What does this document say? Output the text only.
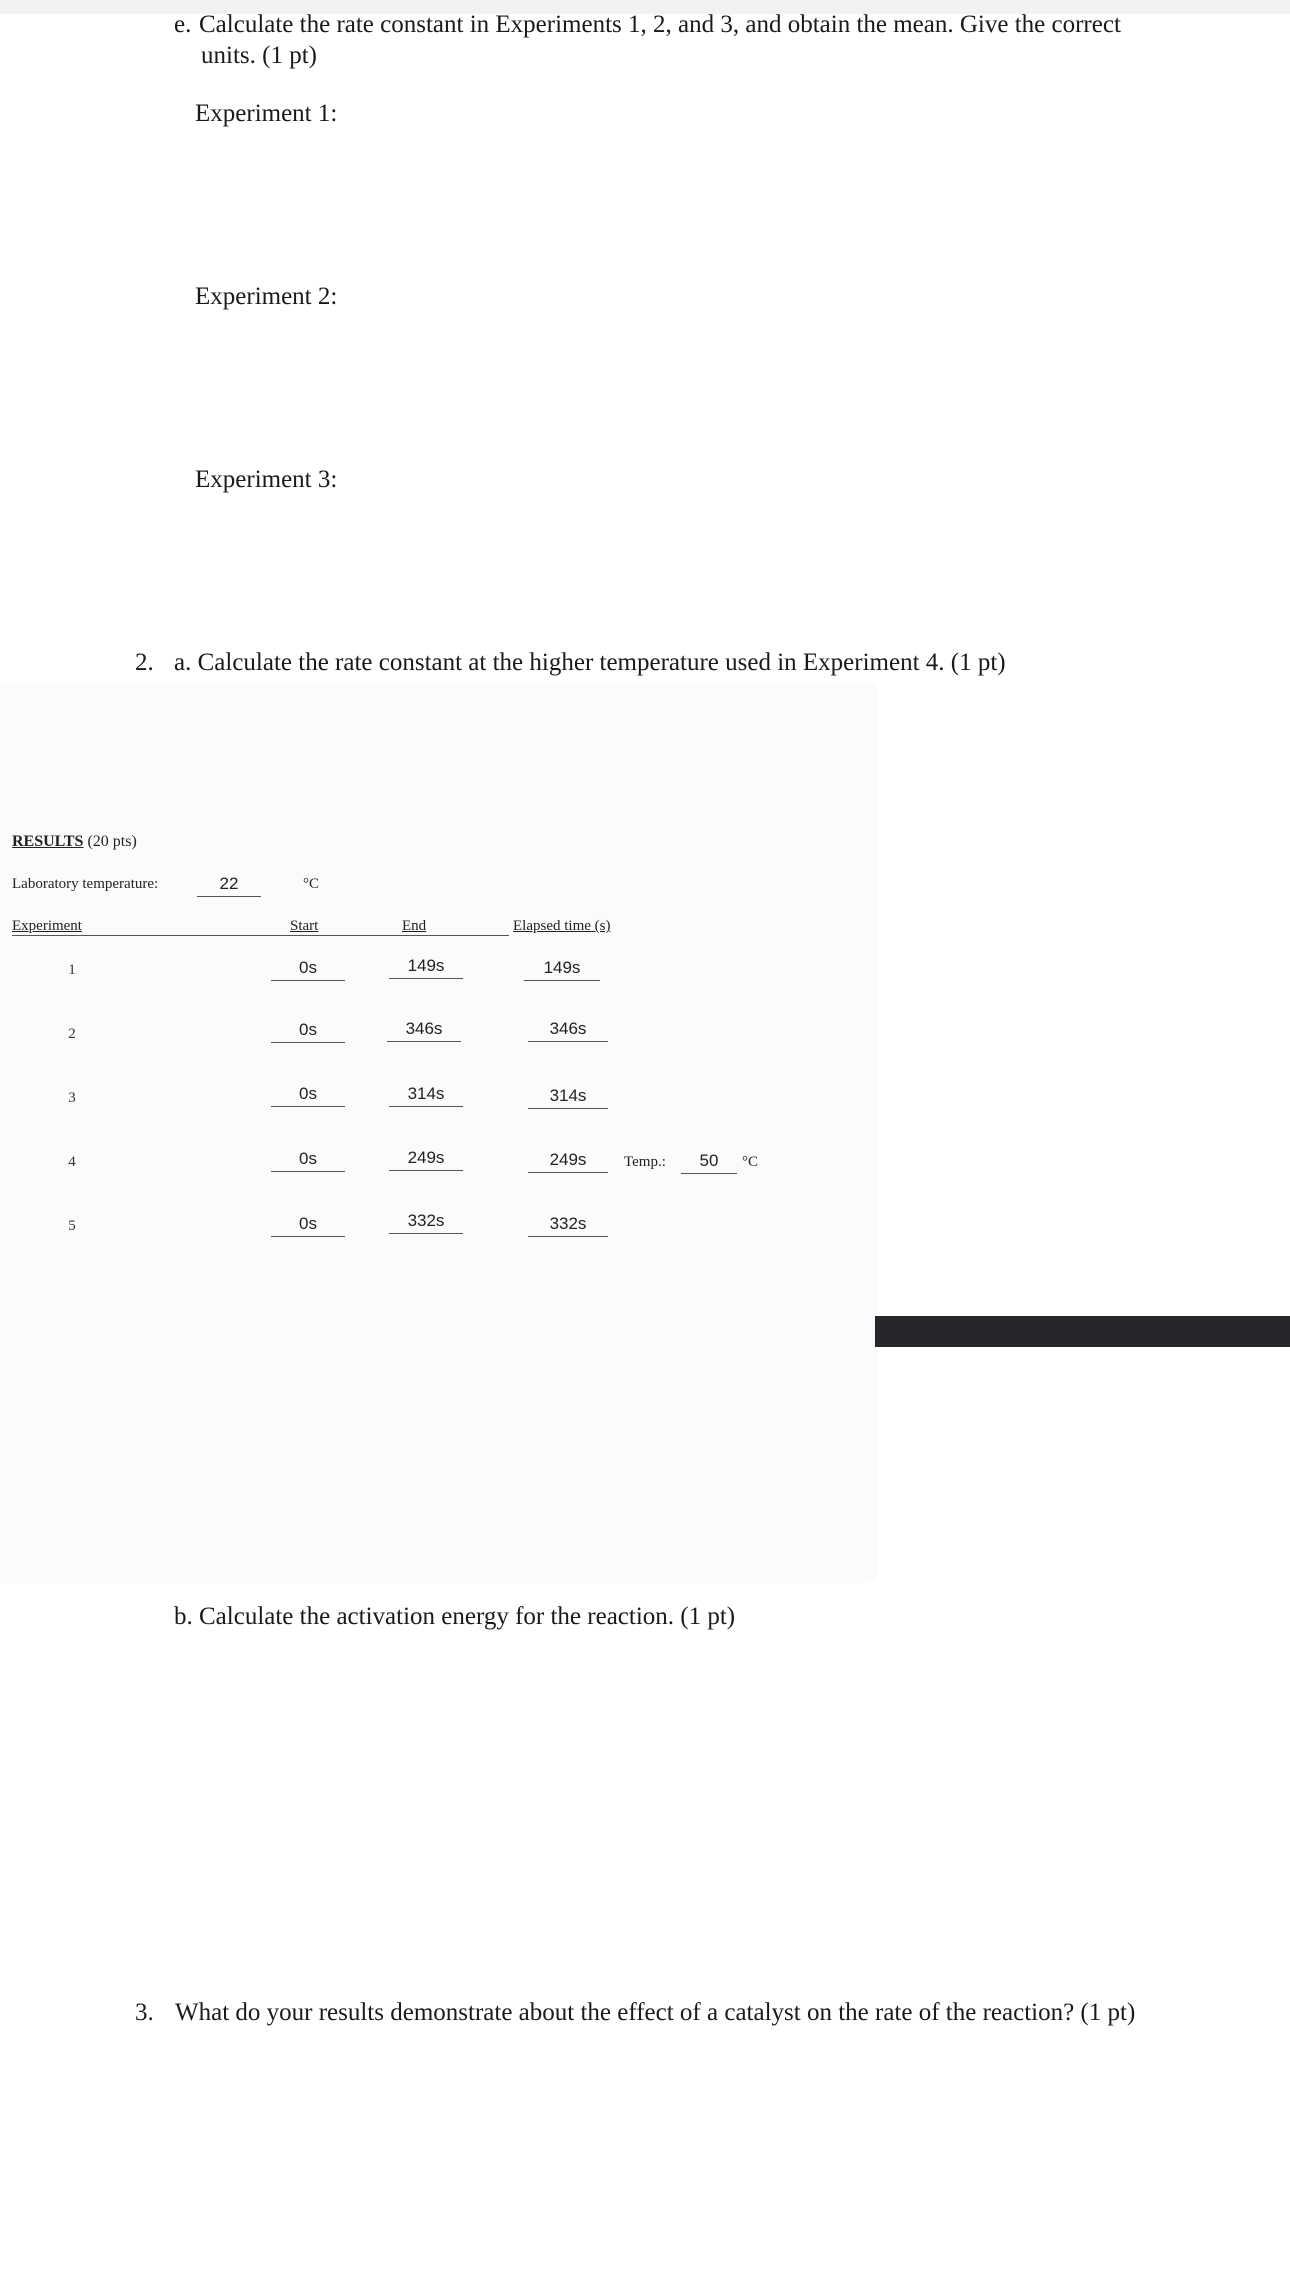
e. Calculate the rate constant in Experiments 1, 2, and 3, and obtain the mean. Give the correct
units. (1 pt)
Experiment 1:
Experiment 2:
Experiment 3:
2. a. Calculate the rate constant at the higher temperature used in Experiment 4. (1 pt)
RESULTS (20 pts)
Laboratory temperature:	22	°C
Experiment	Start	End	Elapsed time (s)
1	0s	149s	149s
2	0s	346s	346s
3	0s	314s	314s
4	0s	249s	249s	Temp.:	50	°C
5	0s	332s	332s
b. Calculate the activation energy for the reaction. (1 pt)
3. What do your results demonstrate about the effect of a catalyst on the rate of the reaction? (1 pt)
